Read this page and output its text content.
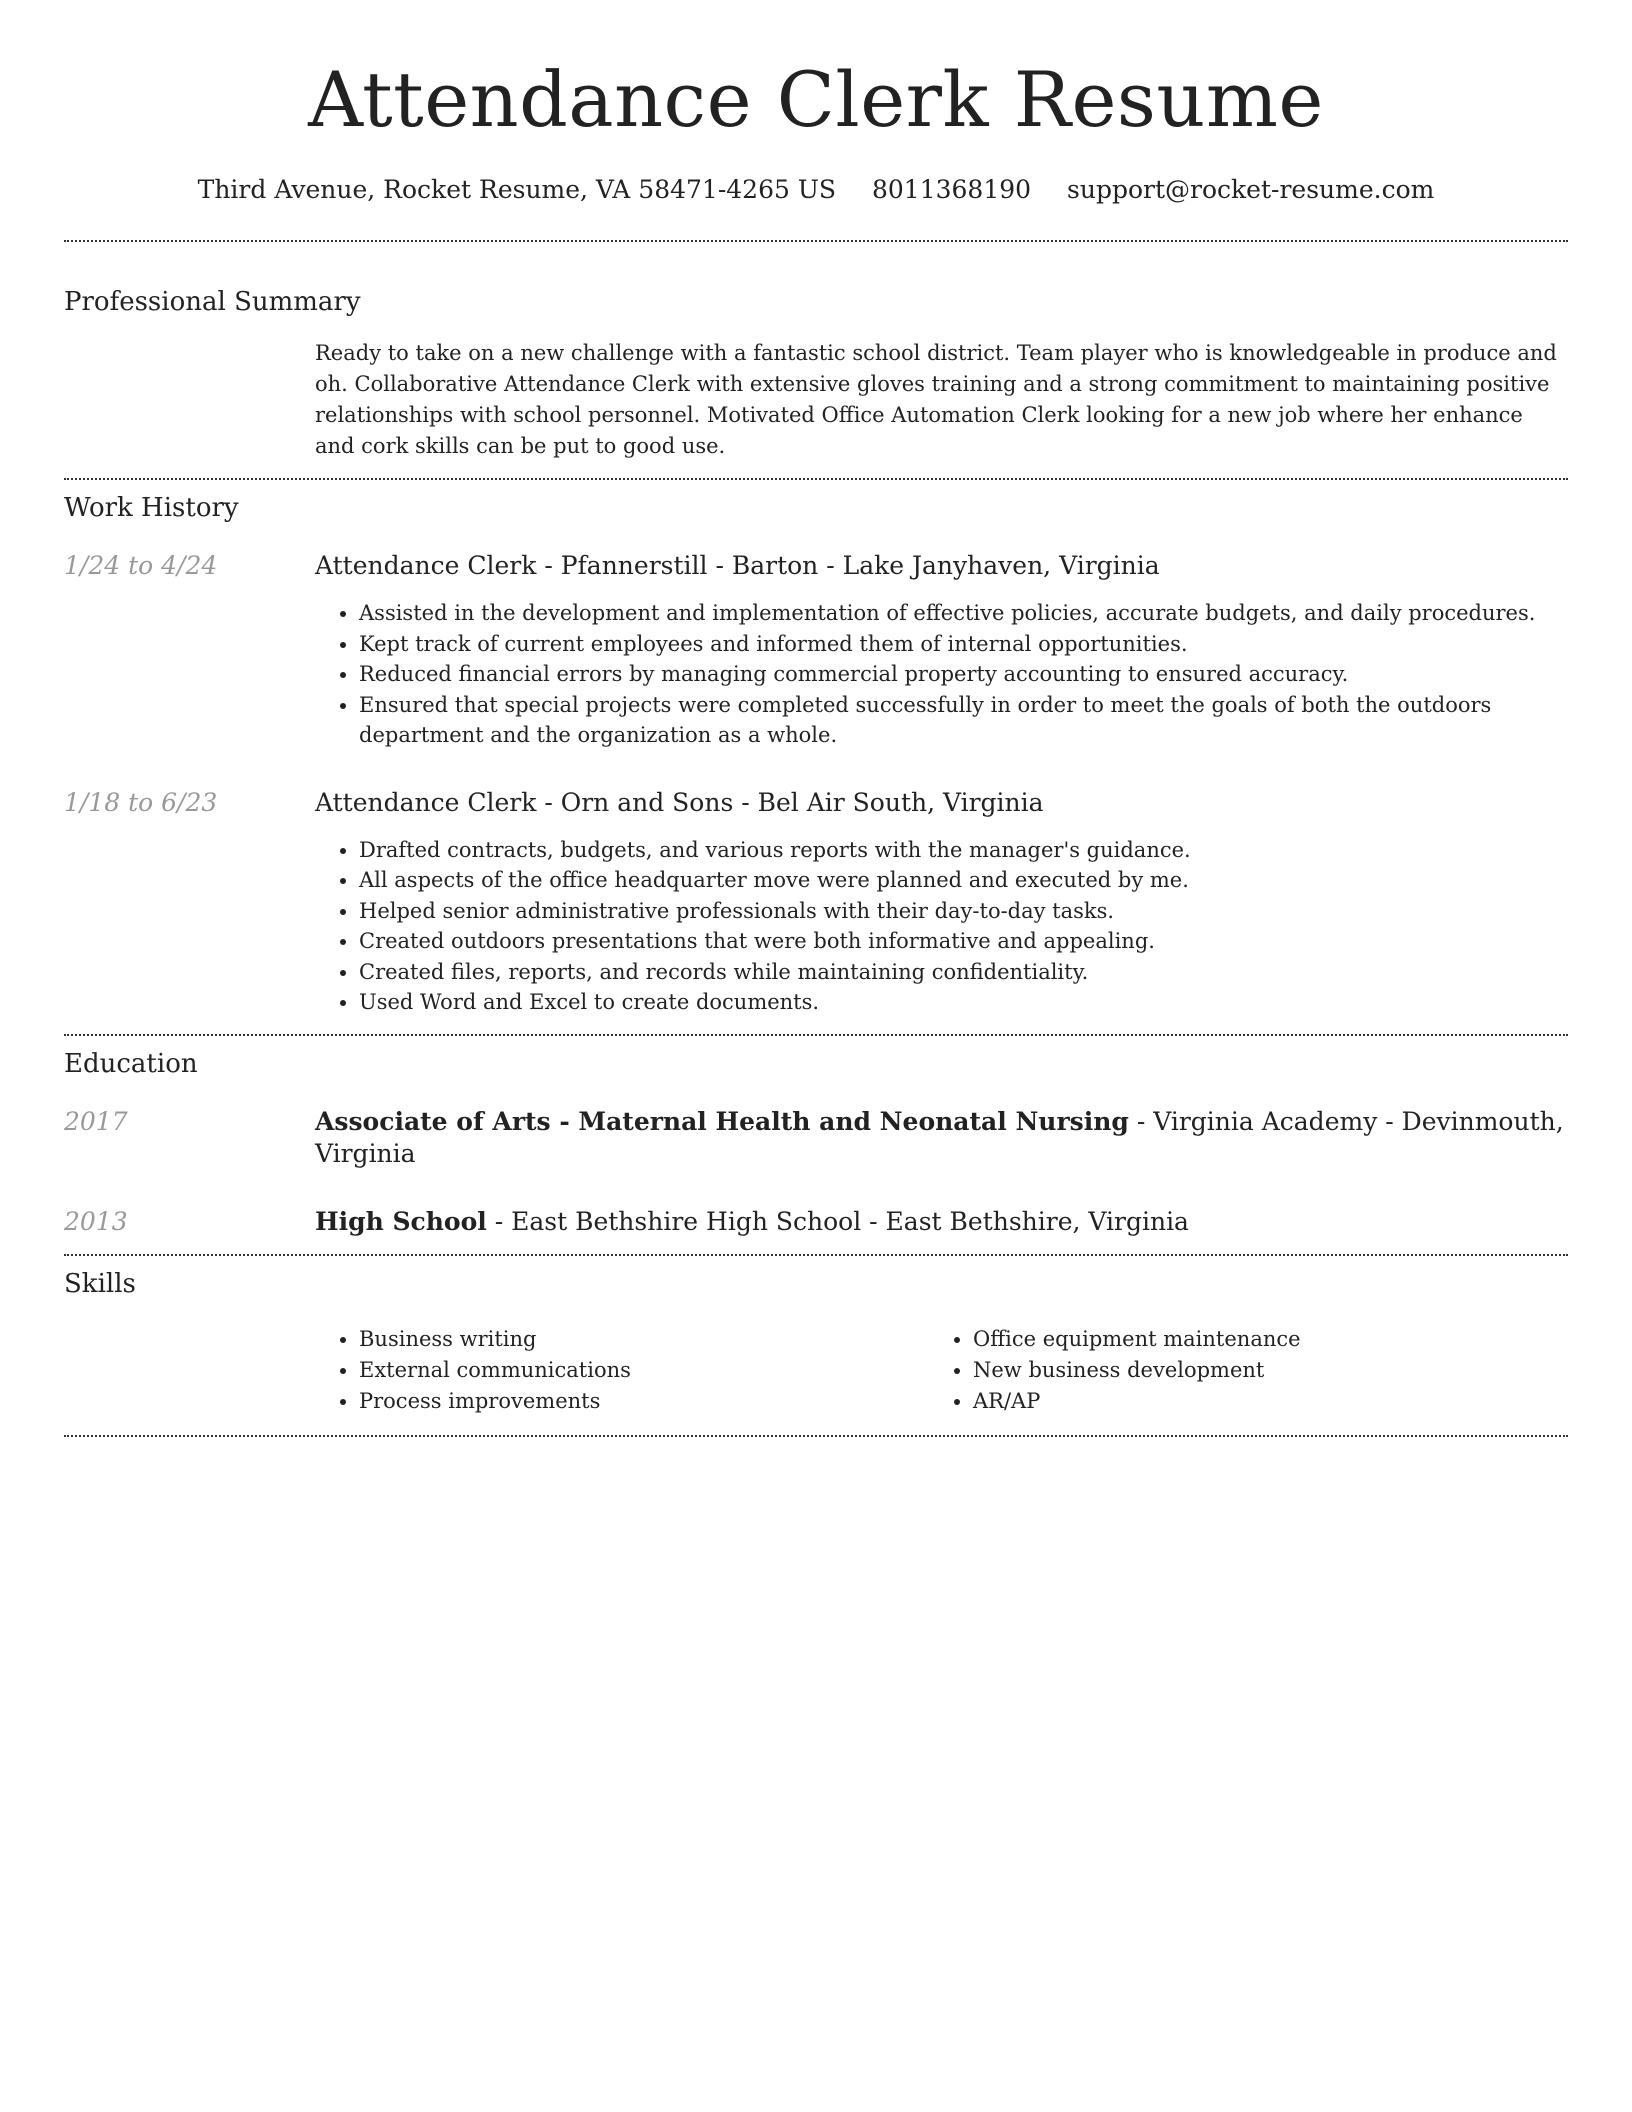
Attendance Clerk Resume
Third Avenue, Rocket Resume, VA 58471-4265 US 8011368190 support@rocket-resume.com
Professional Summary
Ready to take on a new challenge with a fantastic school district. Team player who is knowledgeable in produce and oh. Collaborative Attendance Clerk with extensive gloves training and a strong commitment to maintaining positive relationships with school personnel. Motivated Office Automation Clerk looking for a new job where her enhance and cork skills can be put to good use.
Work History
1/24 to 4/24	Attendance Clerk - Pfannerstill - Barton - Lake Janyhaven, Virginia
• Assisted in the development and implementation of effective policies, accurate budgets, and daily procedures.
• Kept track of current employees and informed them of internal opportunities.
• Reduced financial errors by managing commercial property accounting to ensured accuracy.
• Ensured that special projects were completed successfully in order to meet the goals of both the outdoors department and the organization as a whole.
1/18 to 6/23	Attendance Clerk - Orn and Sons - Bel Air South, Virginia
• Drafted contracts, budgets, and various reports with the manager's guidance.
• All aspects of the office headquarter move were planned and executed by me.
• Helped senior administrative professionals with their day-to-day tasks.
• Created outdoors presentations that were both informative and appealing.
• Created files, reports, and records while maintaining confidentiality.
• Used Word and Excel to create documents.
Education
2017	Associate of Arts - Maternal Health and Neonatal Nursing - Virginia Academy - Devinmouth, Virginia
2013	High School - East Bethshire High School - East Bethshire, Virginia
Skills
• Business writing
• External communications
• Process improvements
• Office equipment maintenance
• New business development
• AR/AP
